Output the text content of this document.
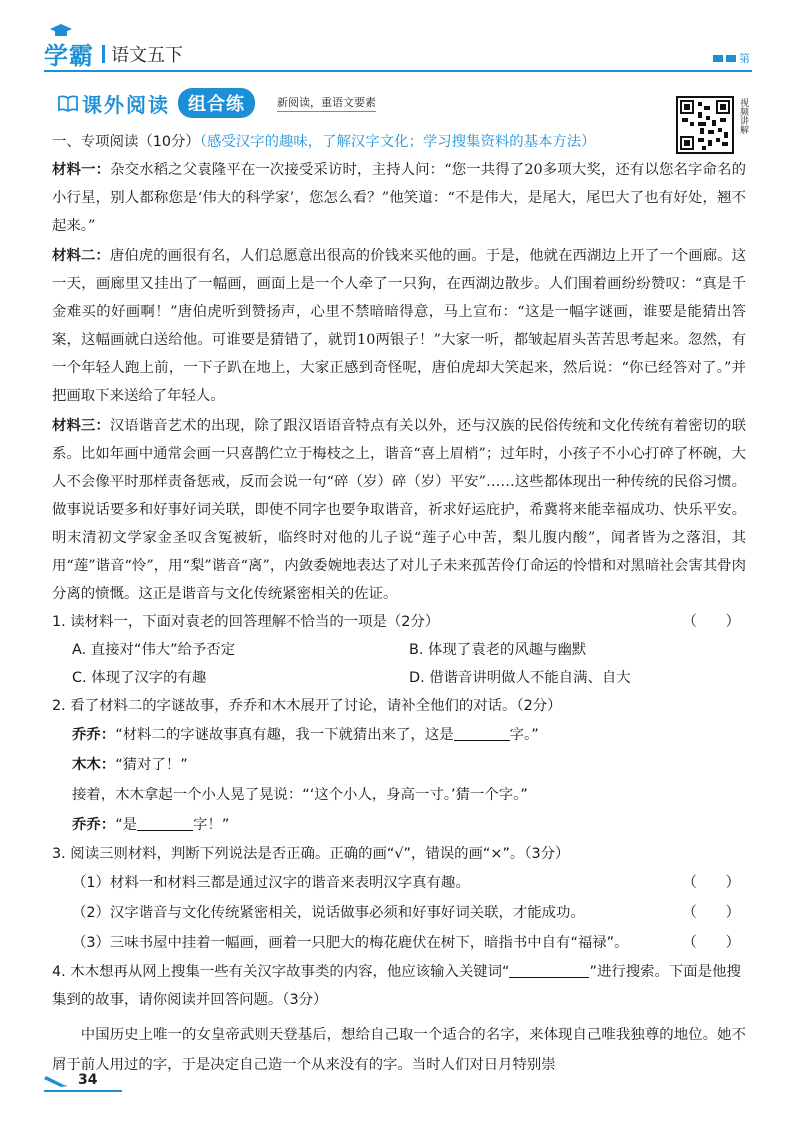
学霸 语文五下	第
课外阅读	组合练	新阅读，重语文要素	视频讲解
一、专项阅读（10分）（感受汉字的趣味，了解汉字文化；学习搜集资料的基本方法）
材料一：杂交水稻之父袁隆平在一次接受采访时，主持人问：“您一共得了20多项大奖，还有以您名字命名的小行星，别人都称您是‘伟大的科学家’，您怎么看？”他笑道：“不是伟大，是尾大，尾巴大了也有好处，翘不起来。”
材料二：唐伯虎的画很有名，人们总愿意出很高的价钱来买他的画。于是，他就在西湖边上开了一个画廊。这一天，画廊里又挂出了一幅画，画面上是一个人牵了一只狗，在西湖边散步。人们围着画纷纷赞叹：“真是千金难买的好画啊！”唐伯虎听到赞扬声，心里不禁暗暗得意，马上宣布：“这是一幅字谜画，谁要是能猜出答案，这幅画就白送给他。可谁要是猜错了，就罚10两银子！”大家一听，都皱起眉头苦苦思考起来。忽然，有一个年轻人跑上前，一下子趴在地上，大家正感到奇怪呢，唐伯虎却大笑起来，然后说：“你已经答对了。”并把画取下来送给了年轻人。
材料三：汉语谐音艺术的出现，除了跟汉语语音特点有关以外，还与汉族的民俗传统和文化传统有着密切的联系。比如年画中通常会画一只喜鹊伫立于梅枝之上，谐音“喜上眉梢”；过年时，小孩子不小心打碎了杯碗，大人不会像平时那样责备惩戒，反而会说一句“碎（岁）碎（岁）平安”……这些都体现出一种传统的民俗习惯。做事说话要多和好事好词关联，即使不同字也要争取谐音，祈求好运庇护，希冀将来能幸福成功、快乐平安。明末清初文学家金圣叹含冤被斩，临终时对他的儿子说“莲子心中苦，梨儿腹内酸”，闻者皆为之落泪，其用“莲”谐音“怜”，用“梨”谐音“离”，内敛委婉地表达了对儿子未来孤苦伶仃命运的怜惜和对黑暗社会害其骨肉分离的愤慨。这正是谐音与文化传统紧密相关的佐证。
1. 读材料一，下面对袁老的回答理解不恰当的一项是（2分）	（　　）
A. 直接对“伟大”给予否定	B. 体现了袁老的风趣与幽默
C. 体现了汉字的有趣	D. 借谐音讲明做人不能自满、自大
2. 看了材料二的字谜故事，乔乔和木木展开了讨论，请补全他们的对话。（2分）
乔乔：“材料二的字谜故事真有趣，我一下就猜出来了，这是	字。”
木木：“猜对了！”
接着，木木拿起一个小人晃了晃说：“‘这个小人，身高一寸。’猜一个字。”
乔乔：“是	字！”
3. 阅读三则材料，判断下列说法是否正确。正确的画“√”，错误的画“×”。（3分）
（1）材料一和材料三都是通过汉字的谐音来表明汉字真有趣。	（　　）
（2）汉字谐音与文化传统紧密相关，说话做事必须和好事好词关联，才能成功。	（　　）
（3）三味书屋中挂着一幅画，画着一只肥大的梅花鹿伏在树下，暗指书中自有“福禄”。	（　　）
4. 木木想再从网上搜集一些有关汉字故事类的内容，他应该输入关键词“	”进行搜索。下面是他搜集到的故事，请你阅读并回答问题。（3分）
中国历史上唯一的女皇帝武则天登基后，想给自己取一个适合的名字，来体现自己唯我独尊的地位。她不屑于前人用过的字，于是决定自己造一个从来没有的字。当时人们对日月特别崇
34
